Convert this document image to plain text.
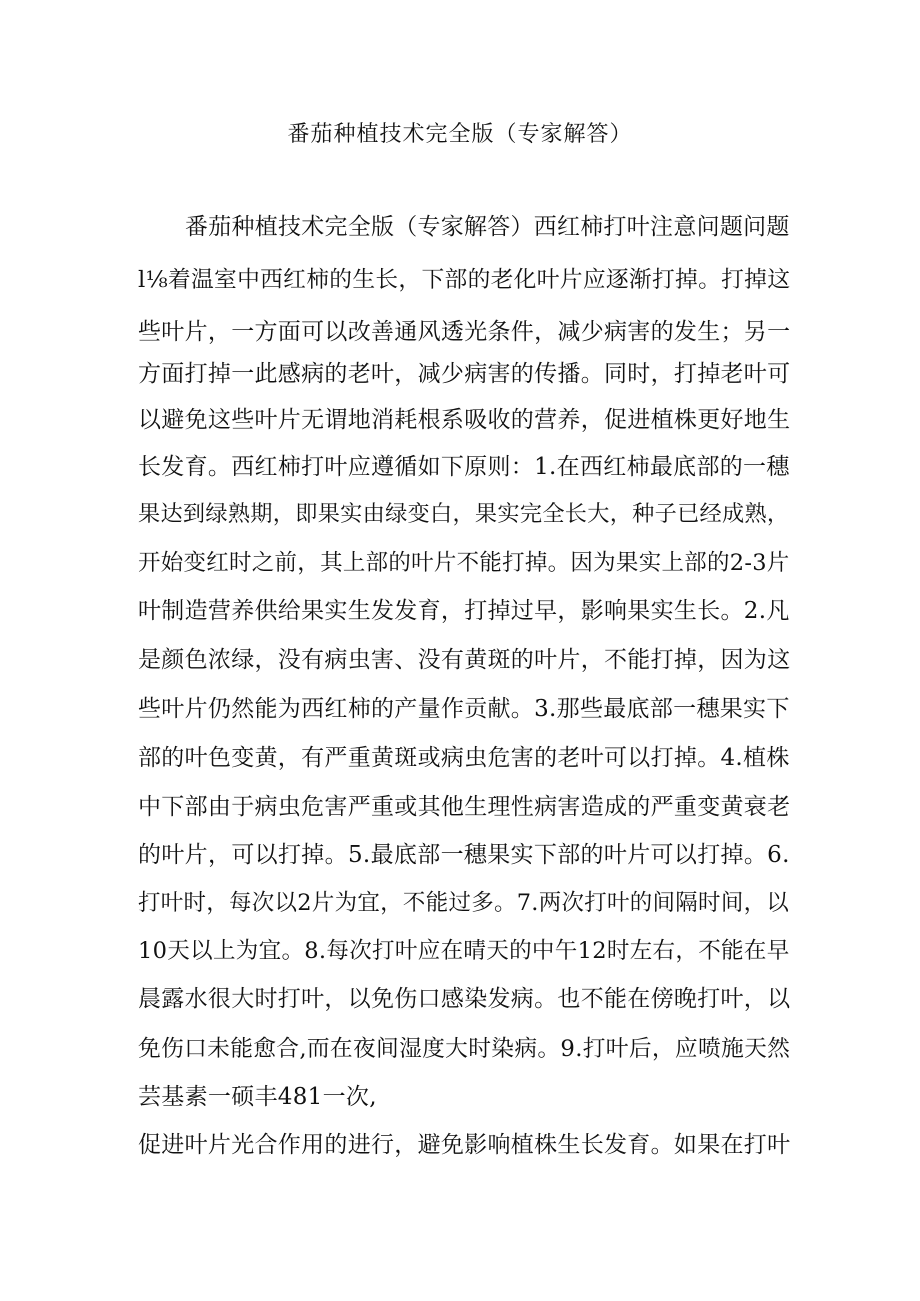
番茄种植技术完全版（专家解答）
番茄种植技术完全版（专家解答）西红柿打叶注意问题问题
l⅛着温室中西红柿的生长，下部的老化叶片应逐渐打掉。打掉这
些叶片，一方面可以改善通风透光条件，减少病害的发生；另一
方面打掉一此感病的老叶，减少病害的传播。同时，打掉老叶可
以避免这些叶片无谓地消耗根系吸收的营养，促进植株更好地生
长发育。西红柿打叶应遵循如下原则：1.在西红柿最底部的一穗
果达到绿熟期，即果实由绿变白，果实完全长大，种子已经成熟，
开始变红时之前，其上部的叶片不能打掉。因为果实上部的2-3片
叶制造营养供给果实生发发育，打掉过早，影响果实生长。2.凡
是颜色浓绿，没有病虫害、没有黄斑的叶片，不能打掉，因为这
些叶片仍然能为西红柿的产量作贡献。3.那些最底部一穗果实下
部的叶色变黄，有严重黄斑或病虫危害的老叶可以打掉。4.植株
中下部由于病虫危害严重或其他生理性病害造成的严重变黄衰老
的叶片，可以打掉。5.最底部一穗果实下部的叶片可以打掉。6.
打叶时，每次以2片为宜，不能过多。7.两次打叶的间隔时间，以
10天以上为宜。8.每次打叶应在晴天的中午12时左右，不能在早
晨露水很大时打叶，以免伤口感染发病。也不能在傍晚打叶，以
免伤口未能愈合,而在夜间湿度大时染病。9.打叶后，应喷施天然
芸基素一硕丰481一次,
促进叶片光合作用的进行，避免影响植株生长发育。如果在打叶
